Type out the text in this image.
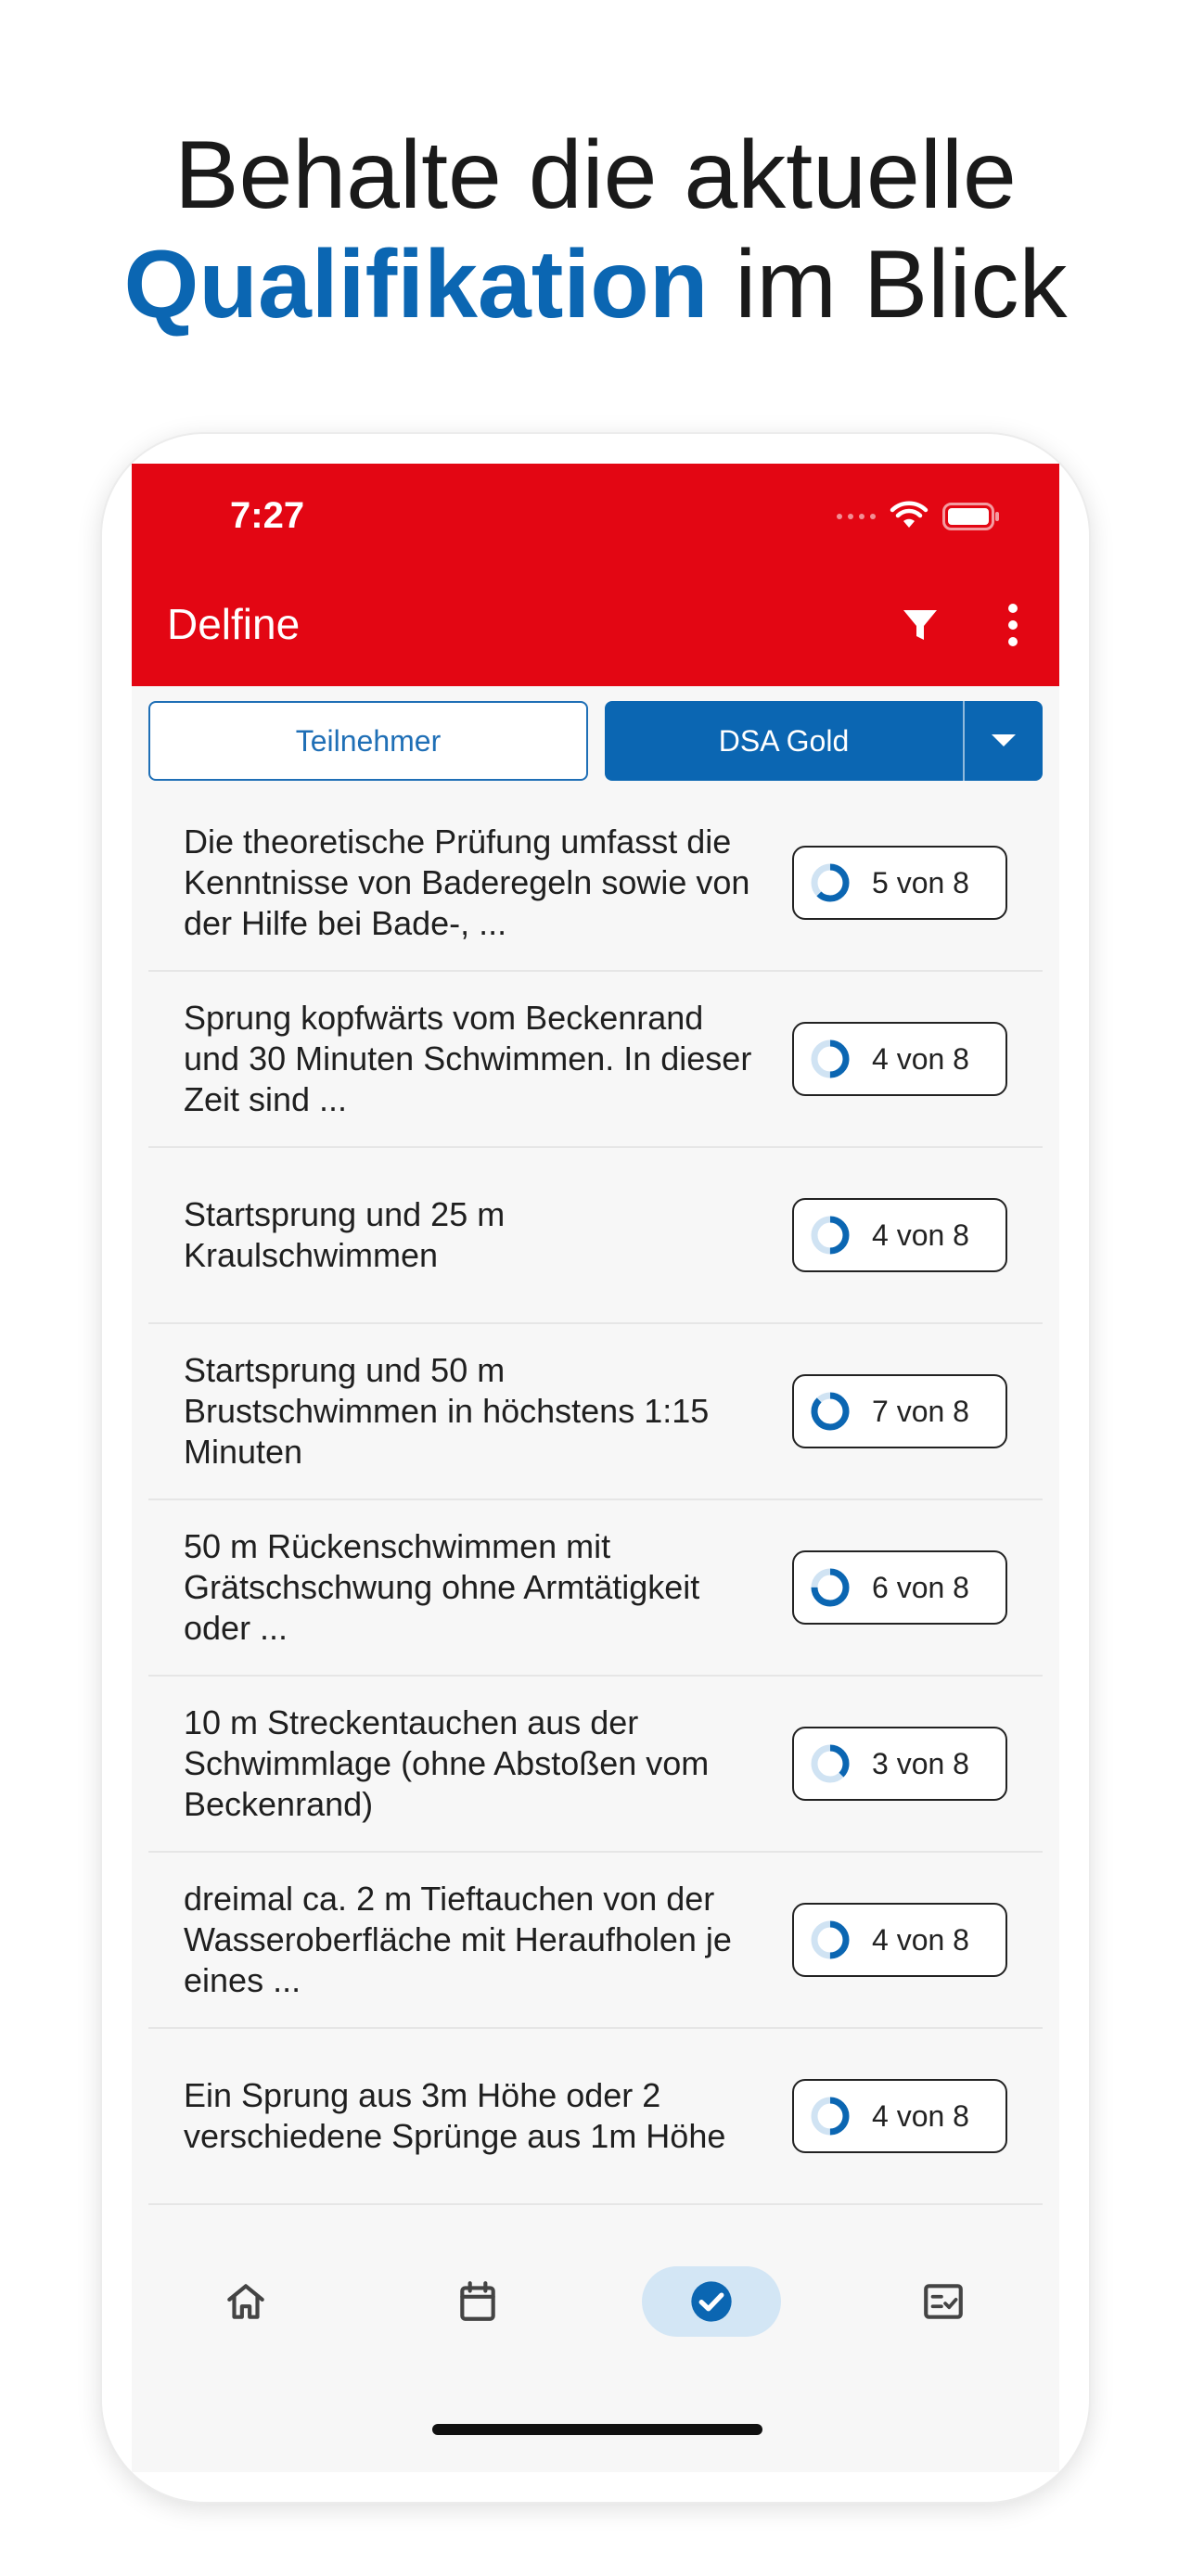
Behalte die aktuelle
Qualifikation im Blick
7:27
Delfine
Teilnehmer	DSA Gold
Die theoretische Prüfung umfasst die Kenntnisse von Baderegeln sowie von der Hilfe bei Bade-, ...
5 von 8
Sprung kopfwärts vom Beckenrand und 30 Minuten Schwimmen. In dieser Zeit sind ...
4 von 8
Startsprung und 25 m Kraulschwimmen
4 von 8
Startsprung und 50 m Brustschwimmen in höchstens 1:15 Minuten
7 von 8
50 m Rückenschwimmen mit Grätschschwung ohne Armtätigkeit oder ...
6 von 8
10 m Streckentauchen aus der Schwimmlage (ohne Abstoßen vom Beckenrand)
3 von 8
dreimal ca. 2 m Tieftauchen von der Wasseroberfläche mit Heraufholen je eines ...
4 von 8
Ein Sprung aus 3m Höhe oder 2 verschiedene Sprünge aus 1m Höhe
4 von 8
